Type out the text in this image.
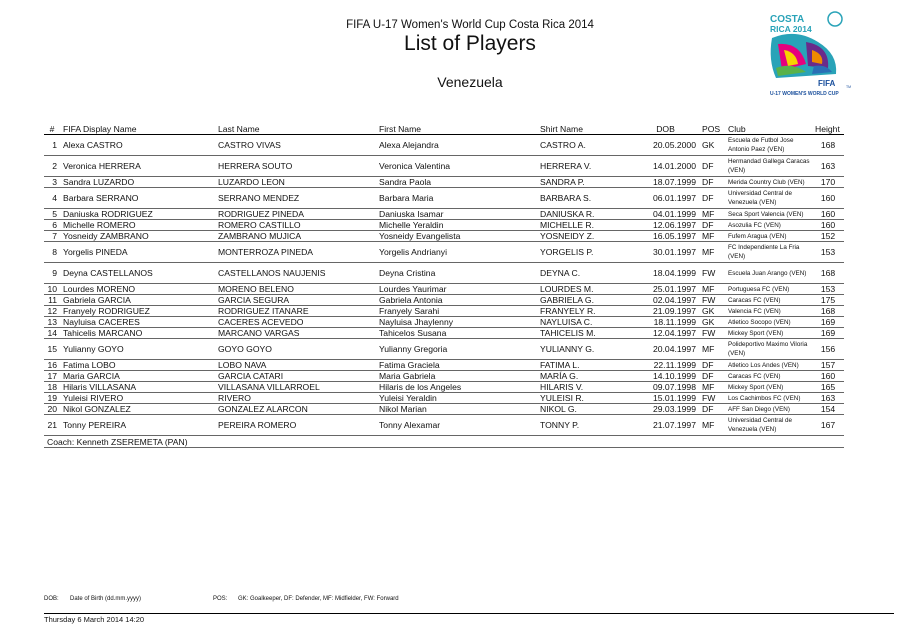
FIFA U-17 Women's World Cup Costa Rica 2014
List of Players
Venezuela
COSTA
RICA 2014
FIFA
U-17 WOMEN'S WORLD CUP
TM
#	FIFA Display Name	Last Name	First Name	Shirt Name	DOB	POS	Club	Height
1	Alexa CASTRO	CASTRO VIVAS	Alexa Alejandra	CASTRO A.	20.05.2000	GK	Escuela de Futbol Jose Antonio Paez (VEN)	168
2	Veronica HERRERA	HERRERA SOUTO	Veronica Valentina	HERRERA V.	14.01.2000	DF	Hermandad Gallega Caracas (VEN)	163
3	Sandra LUZARDO	LUZARDO LEON	Sandra Paola	SANDRA P.	18.07.1999	DF	Merida Country Club (VEN)	170
4	Barbara SERRANO	SERRANO MENDEZ	Barbara Maria	BARBARA S.	06.01.1997	DF	Universidad Central de Venezuela (VEN)	160
5	Daniuska RODRIGUEZ	RODRIGUEZ PINEDA	Daniuska Isamar	DANIUSKA R.	04.01.1999	MF	Seca Sport Valencia (VEN)	160
6	Michelle ROMERO	ROMERO CASTILLO	Michelle Yeraldin	MICHELLE R.	12.06.1997	DF	Asozulia FC (VEN)	160
7	Yosneidy ZAMBRANO	ZAMBRANO MUJICA	Yosneidy Evangelista	YOSNEIDY Z.	16.05.1997	MF	Fufem Aragua (VEN)	152
8	Yorgelis PINEDA	MONTERROZA PINEDA	Yorgelis Andrianyi	YORGELIS P.	30.01.1997	MF	FC Independiente La Fria (VEN)	153
9	Deyna CASTELLANOS	CASTELLANOS NAUJENIS	Deyna Cristina	DEYNA C.	18.04.1999	FW	Escuela Juan Arango (VEN)	168
10	Lourdes MORENO	MORENO BELENO	Lourdes Yaurimar	LOURDES M.	25.01.1997	MF	Portuguesa FC (VEN)	153
11	Gabriela GARCIA	GARCIA SEGURA	Gabriela Antonia	GABRIELA G.	02.04.1997	FW	Caracas FC (VEN)	175
12	Franyely RODRIGUEZ	RODRIGUEZ ITANARE	Franyely Sarahi	FRANYELY R.	21.09.1997	GK	Valencia FC (VEN)	168
13	Nayluisa CACERES	CACERES ACEVEDO	Nayluisa Jhaylenny	NAYLUISA C.	18.11.1999	GK	Atletico Socopo (VEN)	169
14	Tahicelis MARCANO	MARCANO VARGAS	Tahicelos Susana	TAHICELIS M.	12.04.1997	FW	Mickey Sport (VEN)	169
15	Yulianny GOYO	GOYO GOYO	Yulianny Gregoria	YULIANNY G.	20.04.1997	MF	Polideportivo Maximo Viloria (VEN)	156
16	Fatima LOBO	LOBO NAVA	Fatima Graciela	FATIMA L.	22.11.1999	DF	Atletico Los Andes (VEN)	157
17	Maria GARCIA	GARCIA CATARI	Maria Gabriela	MARÍA G.	14.10.1999	DF	Caracas FC (VEN)	160
18	Hilaris VILLASANA	VILLASANA VILLARROEL	Hilaris de los Angeles	HILARIS V.	09.07.1998	MF	Mickey Sport (VEN)	165
19	Yuleisi RIVERO	RIVERO	Yuleisi Yeraldin	YULEISI R.	15.01.1999	FW	Los Cachimbos FC (VEN)	163
20	Nikol GONZALEZ	GONZALEZ ALARCON	Nikol Marian	NIKOL G.	29.03.1999	DF	AFF San Diego (VEN)	154
21	Tonny PEREIRA	PEREIRA ROMERO	Tonny Alexamar	TONNY P.	21.07.1997	MF	Universidad Central de Venezuela (VEN)	167
Coach: Kenneth ZSEREMETA (PAN)								
DOB: Date of Birth (dd.mm.yyyy)	POS: GK: Goalkeeper, DF: Defender, MF: Midfielder, FW: Forward
Thursday 6 March 2014 14:20
